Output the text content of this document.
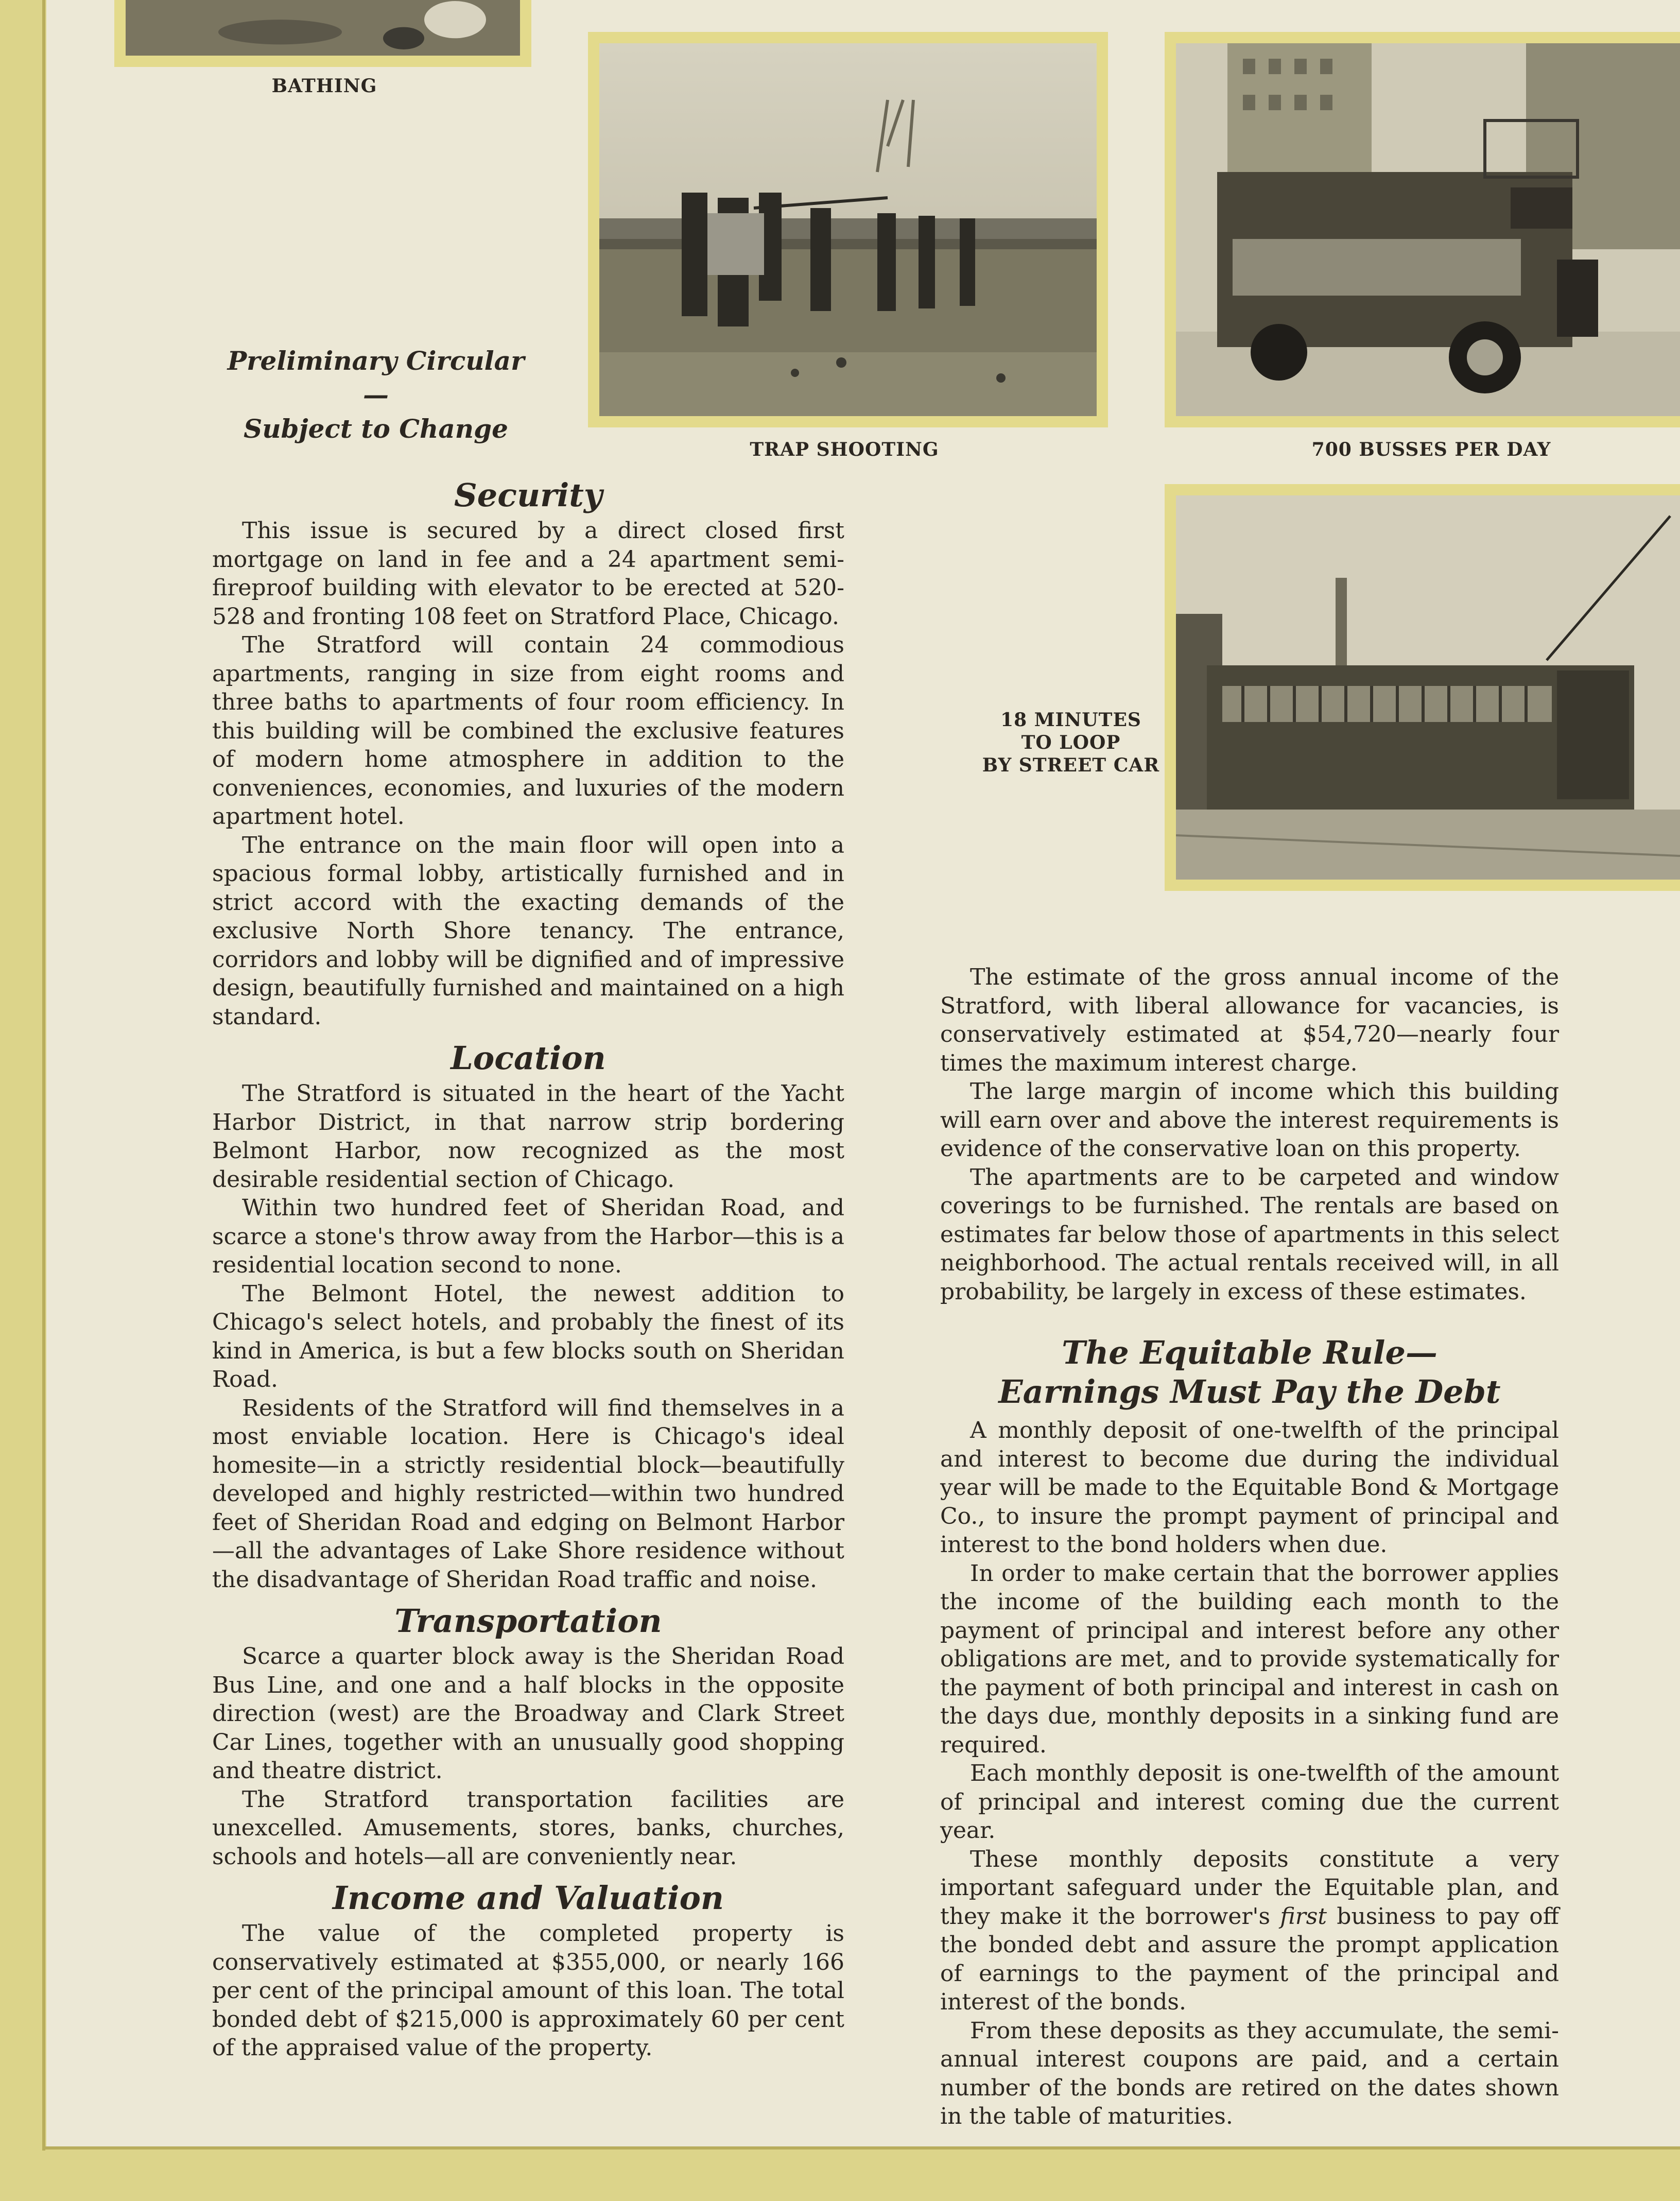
BATHING
TRAP SHOOTING	700 BUSSES PER DAY
18 MINUTES
TO LOOP
BY STREET CAR
Preliminary Circular—
Subject to Change
Security

This issue is secured by a direct closed first mortgage on land in fee and a 24 apartment semi-fireproof building with elevator to be erected at 520-528 and fronting 108 feet on Stratford Place, Chicago.

The Stratford will contain 24 commodious apartments, ranging in size from eight rooms and three baths to apartments of four room efficiency. In this building will be combined the exclusive features of modern home atmosphere in addition to the conveniences, economies, and luxuries of the modern apartment hotel.

The entrance on the main floor will open into a spacious formal lobby, artistically furnished and in strict accord with the exacting demands of the exclusive North Shore tenancy. The entrance, corridors and lobby will be dignified and of impressive design, beautifully furnished and maintained on a high standard.

Location

The Stratford is situated in the heart of the Yacht Harbor District, in that narrow strip bordering Belmont Harbor, now recognized as the most desirable residential section of Chicago.

Within two hundred feet of Sheridan Road, and scarce a stone's throw away from the Harbor—this is a residential location second to none.

The Belmont Hotel, the newest addition to Chicago's select hotels, and probably the finest of its kind in America, is but a few blocks south on Sheridan Road.

Residents of the Stratford will find themselves in a most enviable location. Here is Chicago's ideal homesite—in a strictly residential block—beautifully developed and highly restricted—within two hundred feet of Sheridan Road and edging on Belmont Harbor—all the advantages of Lake Shore residence without the disadvantage of Sheridan Road traffic and noise.

Transportation

Scarce a quarter block away is the Sheridan Road Bus Line, and one and a half blocks in the opposite direction (west) are the Broadway and Clark Street Car Lines, together with an unusually good shopping and theatre district.

The Stratford transportation facilities are unexcelled. Amusements, stores, banks, churches, schools and hotels—all are conveniently near.

Income and Valuation

The value of the completed property is conservatively estimated at $355,000, or nearly 166 per cent of the principal amount of this loan. The total bonded debt of $215,000 is approximately 60 per cent of the appraised value of the property.

The estimate of the gross annual income of the Stratford, with liberal allowance for vacancies, is conservatively estimated at $54,720—nearly four times the maximum interest charge.

The large margin of income which this building will earn over and above the interest requirements is evidence of the conservative loan on this property.

The apartments are to be carpeted and window coverings to be furnished. The rentals are based on estimates far below those of apartments in this select neighborhood. The actual rentals received will, in all probability, be largely in excess of these estimates.

The Equitable Rule—
Earnings Must Pay the Debt

A monthly deposit of one-twelfth of the principal and interest to become due during the individual year will be made to the Equitable Bond & Mortgage Co., to insure the prompt payment of principal and interest to the bond holders when due.

In order to make certain that the borrower applies the income of the building each month to the payment of principal and interest before any other obligations are met, and to provide systematically for the payment of both principal and interest in cash on the days due, monthly deposits in a sinking fund are required.

Each monthly deposit is one-twelfth of the amount of principal and interest coming due the current year.

These monthly deposits constitute a very important safeguard under the Equitable plan, and they make it the borrower's first business to pay off the bonded debt and assure the prompt application of earnings to the payment of the principal and interest of the bonds.

From these deposits as they accumulate, the semi-annual interest coupons are paid, and a certain number of the bonds are retired on the dates shown in the table of maturities.
